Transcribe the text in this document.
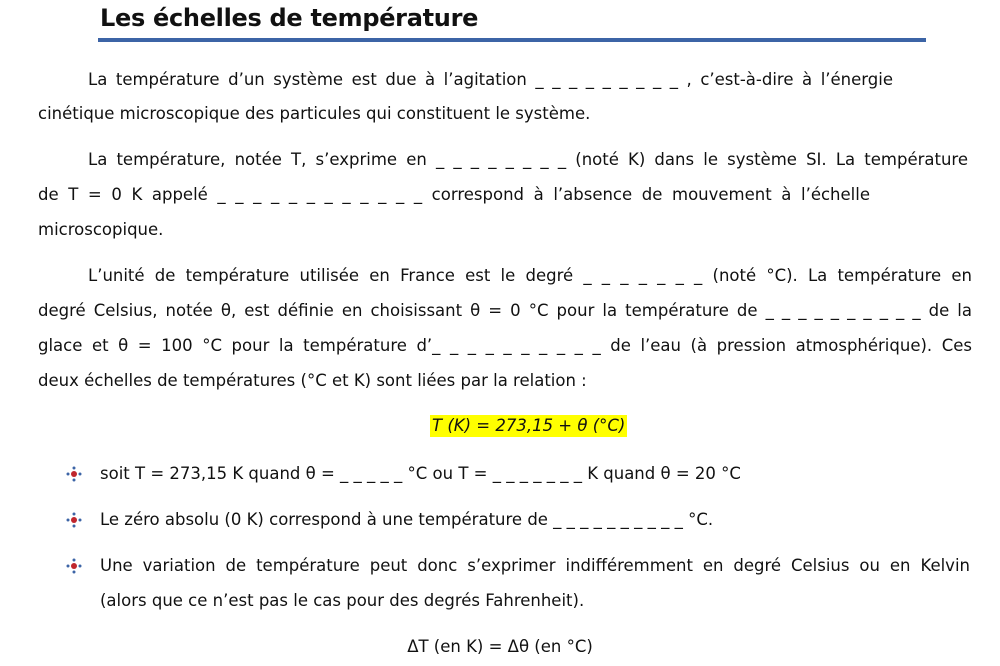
Les échelles de température
La température d’un système est due à l’agitation _ _ _ _ _ _ _ _ _ , c’est-à-dire à l’énergie
cinétique microscopique des particules qui constituent le système.
La température, notée T, s’exprime en _ _ _ _ _ _ _ _ (noté K) dans le système SI. La température
de T = 0 K appelé _ _ _ _ _ _ _ _ _ _ _ _ correspond à l’absence de mouvement à l’échelle
microscopique.
L’unité de température utilisée en France est le degré _ _ _ _ _ _ _ (noté °C). La température en
degré Celsius, notée θ, est définie en choisissant θ = 0 °C pour la température de _ _ _ _ _ _ _ _ _ _ de la
glace et θ = 100 °C pour la température d’_ _ _ _ _ _ _ _ _ _ de l’eau (à pression atmosphérique). Ces
deux échelles de températures (°C et K) sont liées par la relation :
T (K) = 273,15 + θ (°C)
soit T = 273,15 K quand θ = _ _ _ _ _ °C ou T = _ _ _ _ _ _ _ K quand θ = 20 °C
Le zéro absolu (0 K) correspond à une température de _ _ _ _ _ _ _ _ _ _ °C.
Une variation de température peut donc s’exprimer indifféremment en degré Celsius ou en Kelvin
(alors que ce n’est pas le cas pour des degrés Fahrenheit).
ΔT (en K) = Δθ (en °C)
